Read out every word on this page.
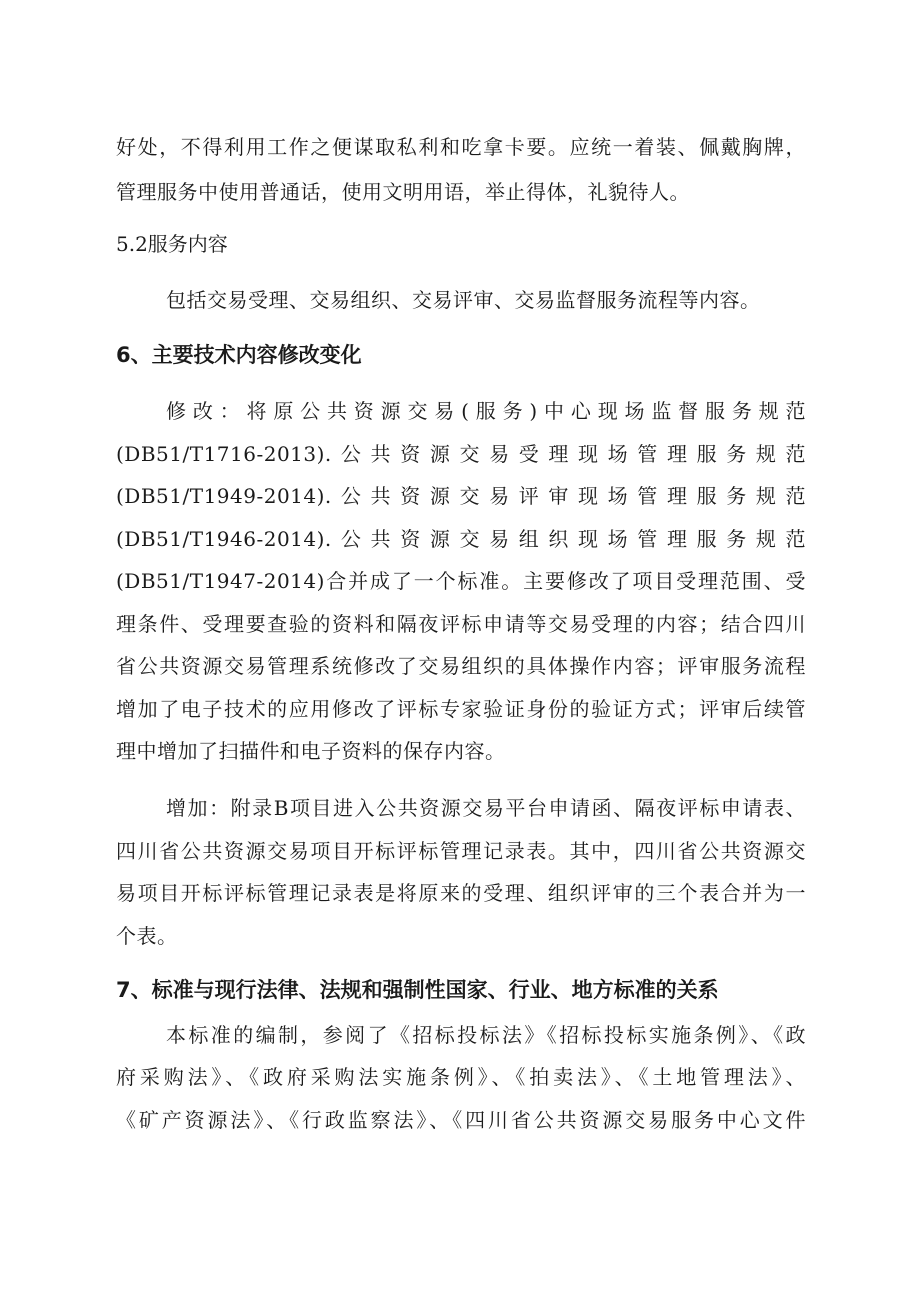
好处，不得利用工作之便谋取私利和吃拿卡要。应统一着装、佩戴胸牌，
管理服务中使用普通话，使用文明用语，举止得体，礼貌待人。
5.2服务内容
包括交易受理、交易组织、交易评审、交易监督服务流程等内容。
6、主要技术内容修改变化
修改：将原公共资源交易(服务)中心现场监督服务规范
(DB51/T1716-2013).公共资源交易受理现场管理服务规范
(DB51/T1949-2014).公共资源交易评审现场管理服务规范
(DB51/T1946-2014).公共资源交易组织现场管理服务规范
(DB51/T1947-2014)合并成了一个标准。主要修改了项目受理范围、受
理条件、受理要查验的资料和隔夜评标申请等交易受理的内容；结合四川
省公共资源交易管理系统修改了交易组织的具体操作内容；评审服务流程
增加了电子技术的应用修改了评标专家验证身份的验证方式；评审后续管
理中增加了扫描件和电子资料的保存内容。
增加：附录B项目进入公共资源交易平台申请函、隔夜评标申请表、
四川省公共资源交易项目开标评标管理记录表。其中，四川省公共资源交
易项目开标评标管理记录表是将原来的受理、组织评审的三个表合并为一
个表。
7、标准与现行法律、法规和强制性国家、行业、地方标准的关系
本标准的编制，参阅了《招标投标法》《招标投标实施条例》、《政
府采购法》、《政府采购法实施条例》、《拍卖法》、《土地管理法》、
《矿产资源法》、《行政监察法》、《四川省公共资源交易服务中心文件
